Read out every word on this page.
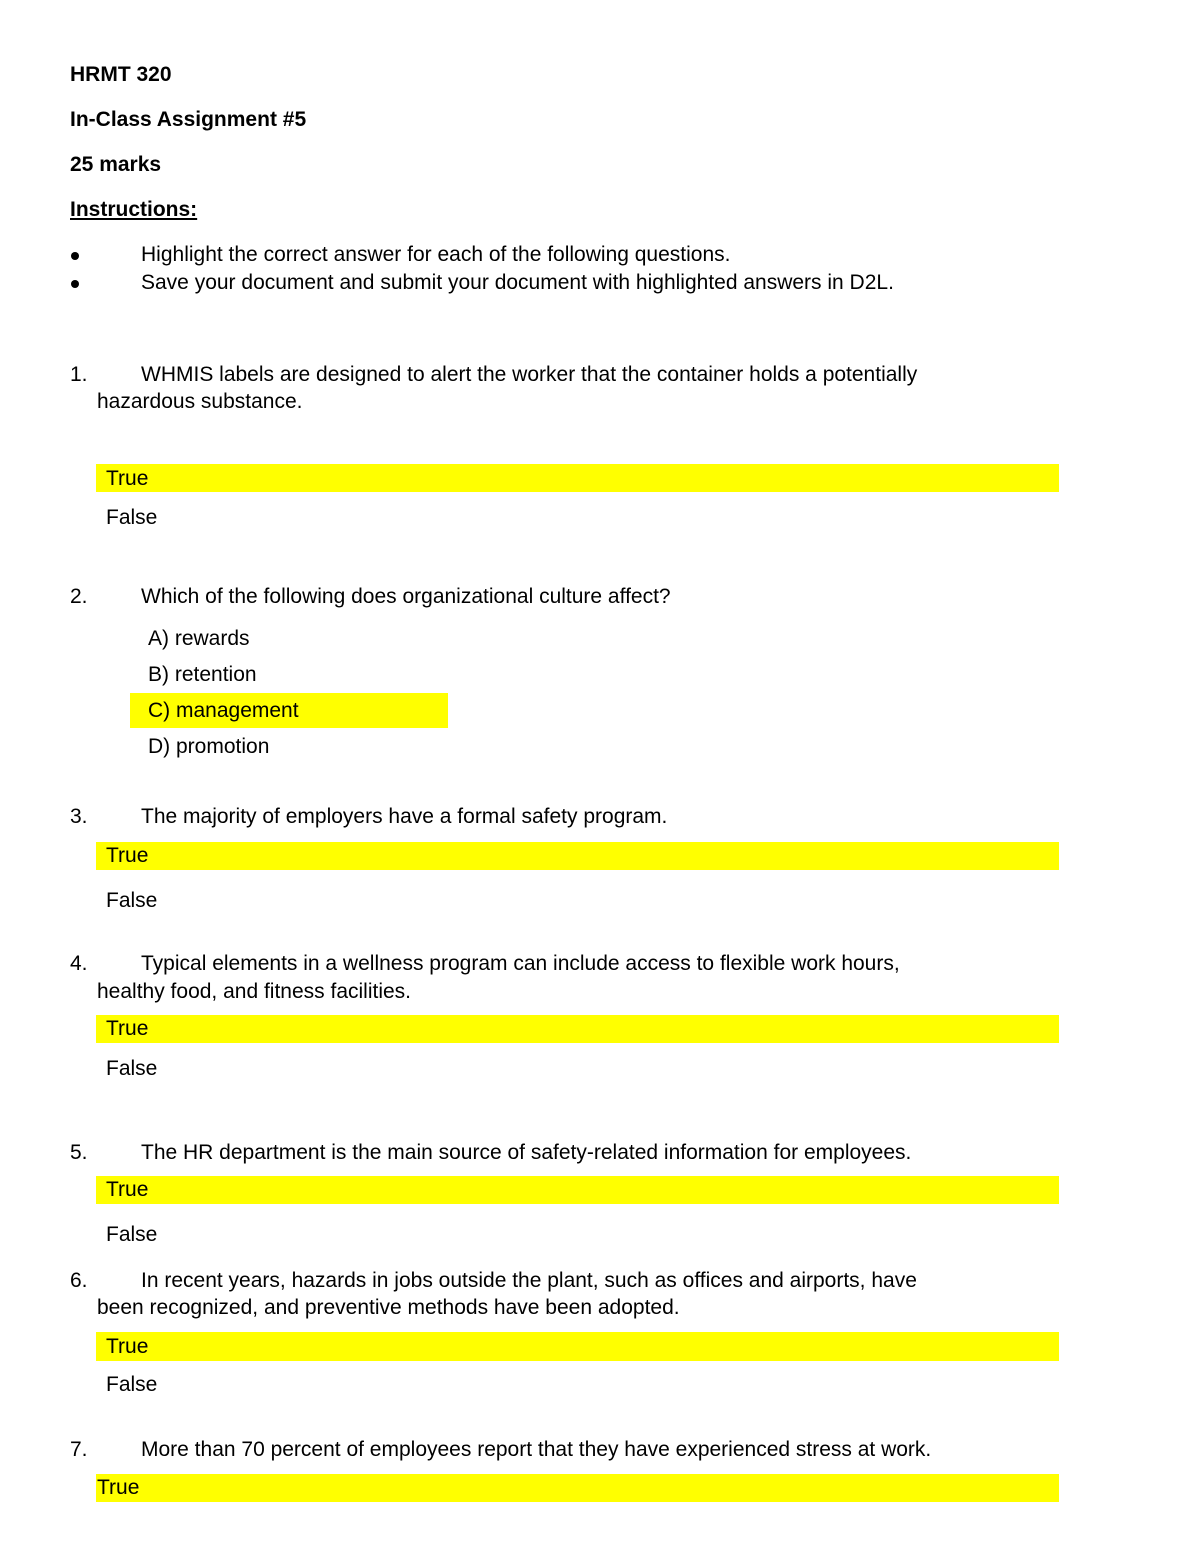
HRMT 320
In-Class Assignment #5
25 marks
Instructions:
Highlight the correct answer for each of the following questions.
Save your document and submit your document with highlighted answers in D2L.
1.	WHMIS labels are designed to alert the worker that the container holds a potentially
hazardous substance.
True
False
2.	Which of the following does organizational culture affect?
A) rewards
B) retention
C) management
D) promotion
3.	The majority of employers have a formal safety program.
True
False
4.	Typical elements in a wellness program can include access to flexible work hours,
healthy food, and fitness facilities.
True
False
5.	The HR department is the main source of safety-related information for employees.
True
False
6.	In recent years, hazards in jobs outside the plant, such as offices and airports, have
been recognized, and preventive methods have been adopted.
True
False
7.	More than 70 percent of employees report that they have experienced stress at work.
True
